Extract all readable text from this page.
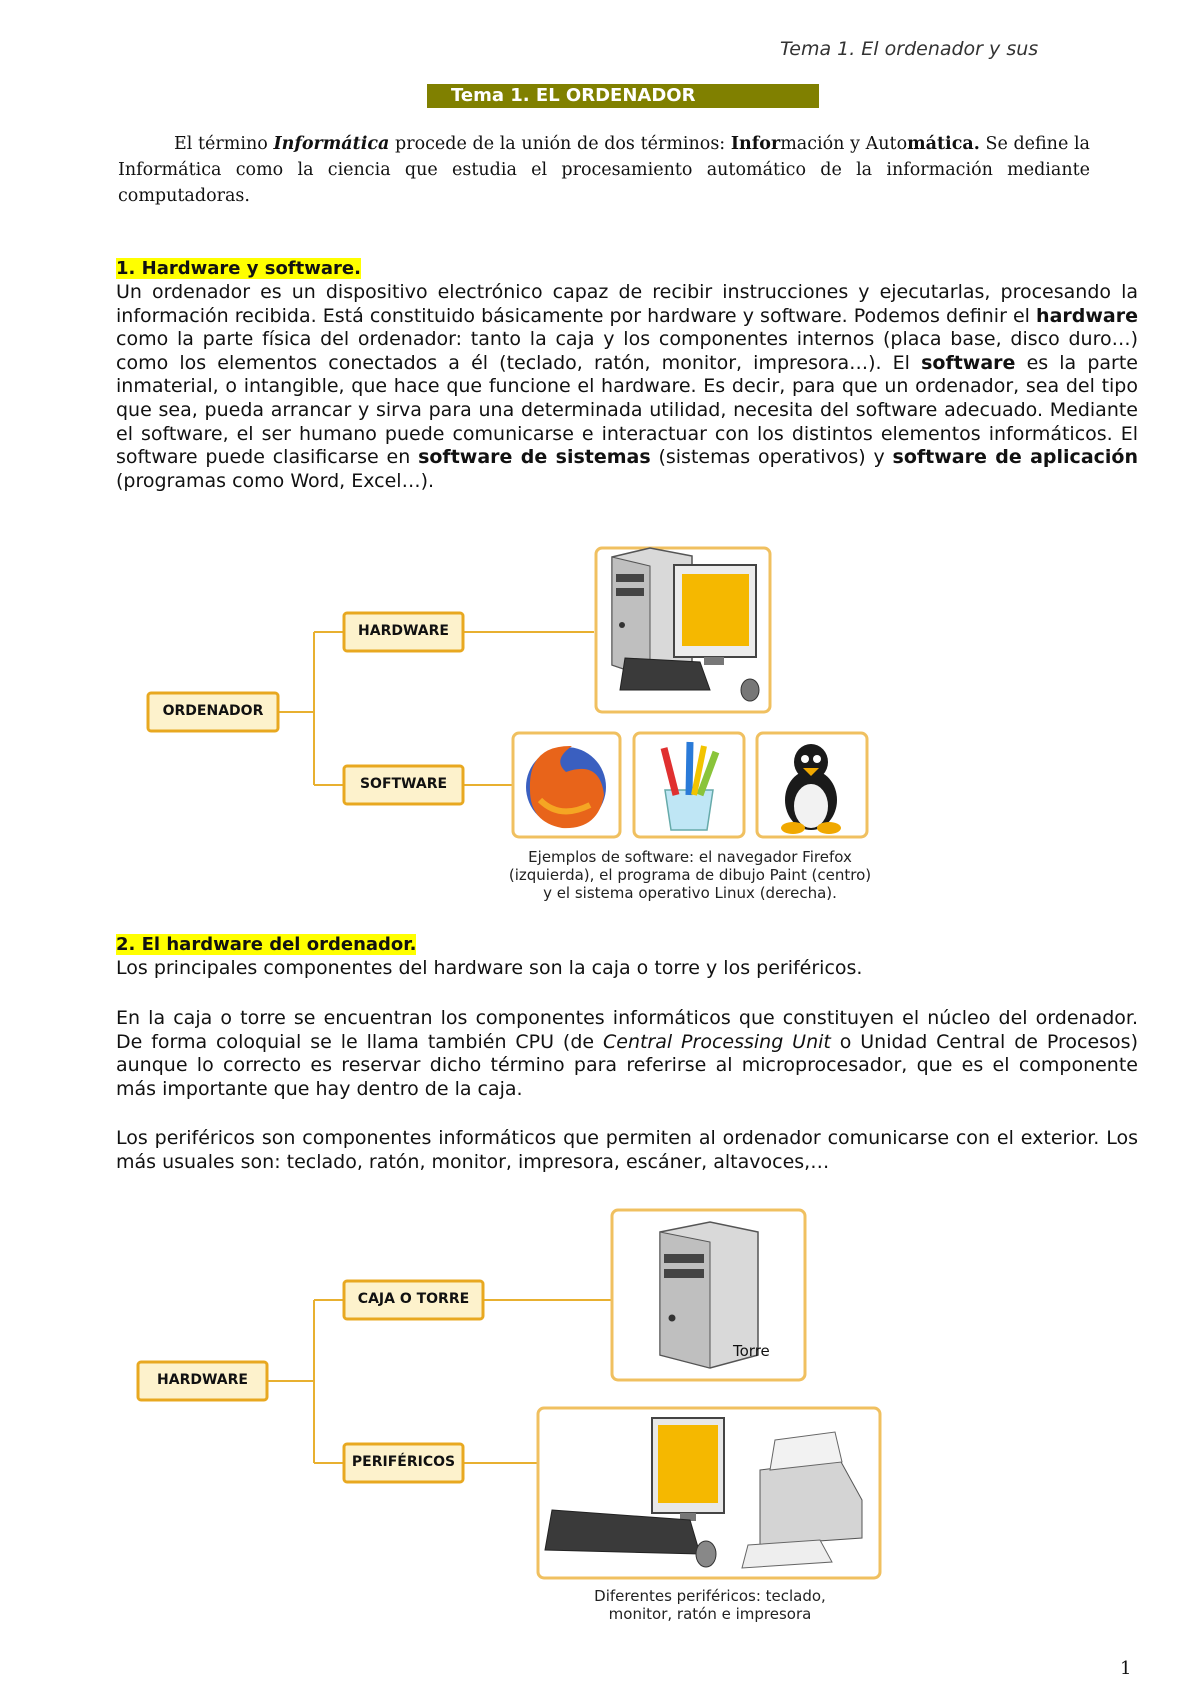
Tema 1. El ordenador y sus
Tema 1. EL ORDENADOR
El término Informática procede de la unión de dos términos: Información y Automática. Se define la Informática como la ciencia que estudia el procesamiento automático de la información mediante computadoras.
1. Hardware y software.
Un ordenador es un dispositivo electrónico capaz de recibir instrucciones y ejecutarlas, procesando la información recibida. Está constituido básicamente por hardware y software. Podemos definir el hardware como la parte física del ordenador: tanto la caja y los componentes internos (placa base, disco duro…) como los elementos conectados a él (teclado, ratón, monitor, impresora…). El software es la parte inmaterial, o intangible, que hace que funcione el hardware. Es decir, para que un ordenador, sea del tipo que sea, pueda arrancar y sirva para una determinada utilidad, necesita del software adecuado. Mediante el software, el ser humano puede comunicarse e interactuar con los distintos elementos informáticos. El software puede clasificarse en software de sistemas (sistemas operativos) y software de aplicación (programas como Word, Excel…).
ORDENADOR
HARDWARE
SOFTWARE
Ejemplos de software: el navegador Firefox
(izquierda), el programa de dibujo Paint (centro)
y el sistema operativo Linux (derecha).
2. El hardware del ordenador.
Los principales componentes del hardware son la caja o torre y los periféricos.
En la caja o torre se encuentran los componentes informáticos que constituyen el núcleo del ordenador. De forma coloquial se le llama también CPU (de Central Processing Unit o Unidad Central de Procesos) aunque lo correcto es reservar dicho término para referirse al microprocesador, que es el componente más importante que hay dentro de la caja.
Los periféricos son componentes informáticos que permiten al ordenador comunicarse con el exterior. Los más usuales son: teclado, ratón, monitor, impresora, escáner, altavoces,…
HARDWARE
CAJA O TORRE
PERIFÉRICOS
Torre
Diferentes periféricos: teclado,
monitor, ratón e impresora
1
